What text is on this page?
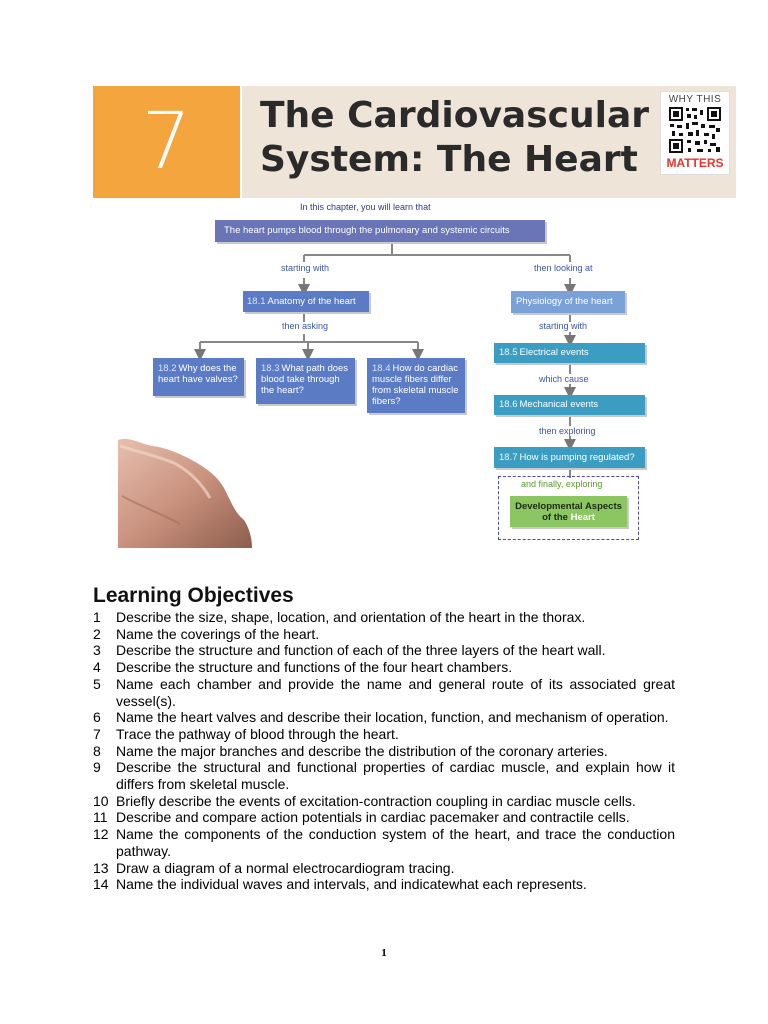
7	The Cardiovascular
System: The Heart
WHY THIS
MATTERS
In this chapter, you will learn that
The heart pumps blood through the pulmonary and systemic circuits
starting with	then looking at
18.1 Anatomy of the heart
then asking
18.2 Why does the heart have valves?
18.3 What path does blood take through the heart?
18.4 How do cardiac muscle fibers differ from skeletal muscle fibers?
Physiology of the heart
starting with
18.5 Electrical events
which cause
18.6 Mechanical events
then exploring
18.7 How is pumping regulated?
and finally, exploring
Developmental Aspects
of the Heart
Learning Objectives
1 Describe the size, shape, location, and orientation of the heart in the thorax.
2 Name the coverings of the heart.
3 Describe the structure and function of each of the three layers of the heart wall.
4 Describe the structure and functions of the four heart chambers.
5 Name each chamber and provide the name and general route of its associated great vessel(s).
6 Name the heart valves and describe their location, function, and mechanism of operation.
7 Trace the pathway of blood through the heart.
8 Name the major branches and describe the distribution of the coronary arteries.
9 Describe the structural and functional properties of cardiac muscle, and explain how it differs from skeletal muscle.
10 Briefly describe the events of excitation-contraction coupling in cardiac muscle cells.
11 Describe and compare action potentials in cardiac pacemaker and contractile cells.
12 Name the components of the conduction system of the heart, and trace the conduction pathway.
13 Draw a diagram of a normal electrocardiogram tracing.
14 Name the individual waves and intervals, and indicatewhat each represents.
1
